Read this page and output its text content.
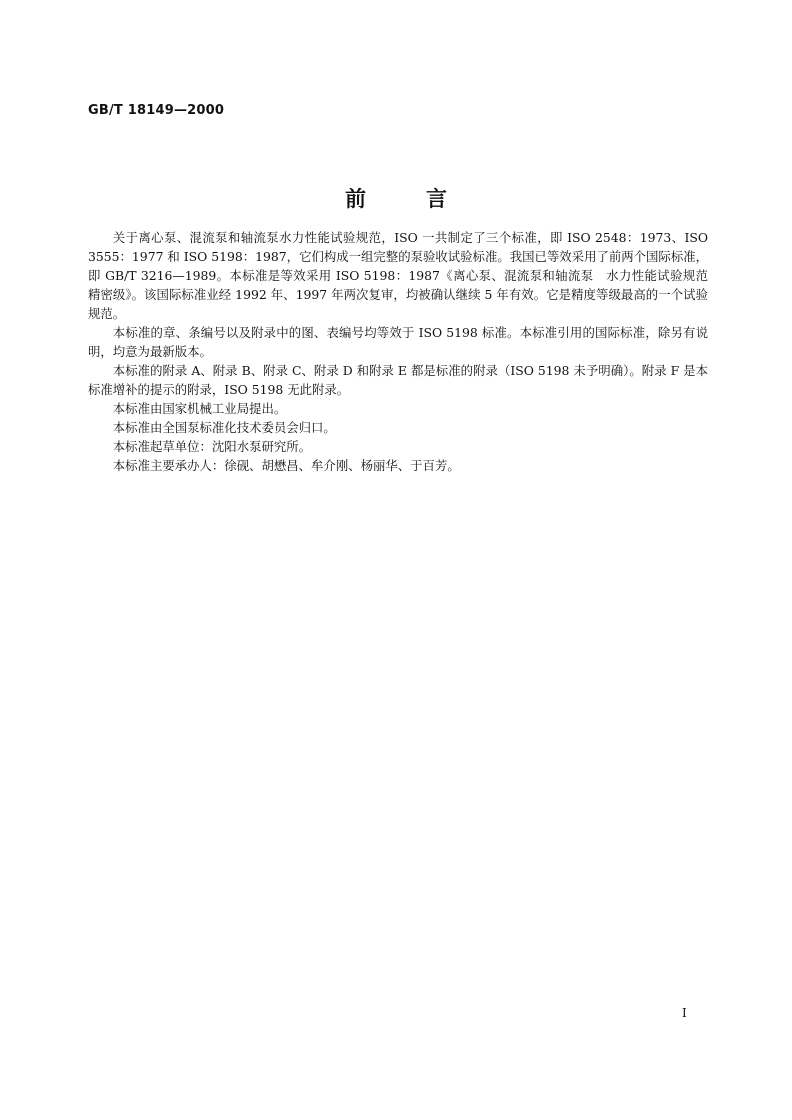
GB/T 18149—2000
前	言

关于离心泵、混流泵和轴流泵水力性能试验规范，ISO 一共制定了三个标准，即 ISO 2548：1973、ISO 3555：1977 和 ISO 5198：1987，它们构成一组完整的泵验收试验标准。我国已等效采用了前两个国际标准，即 GB/T 3216—1989。本标准是等效采用 ISO 5198：1987《离心泵、混流泵和轴流泵　水力性能试验规范　精密级》。该国际标准业经 1992 年、1997 年两次复审，均被确认继续 5 年有效。它是精度等级最高的一个试验规范。

本标准的章、条编号以及附录中的图、表编号均等效于 ISO 5198 标准。本标准引用的国际标准，除另有说明，均意为最新版本。

本标准的附录 A、附录 B、附录 C、附录 D 和附录 E 都是标准的附录（ISO 5198 未予明确）。附录 F 是本标准增补的提示的附录，ISO 5198 无此附录。

本标准由国家机械工业局提出。

本标准由全国泵标准化技术委员会归口。

本标准起草单位：沈阳水泵研究所。

本标准主要承办人：徐砚、胡懋昌、牟介刚、杨丽华、于百芳。

I
